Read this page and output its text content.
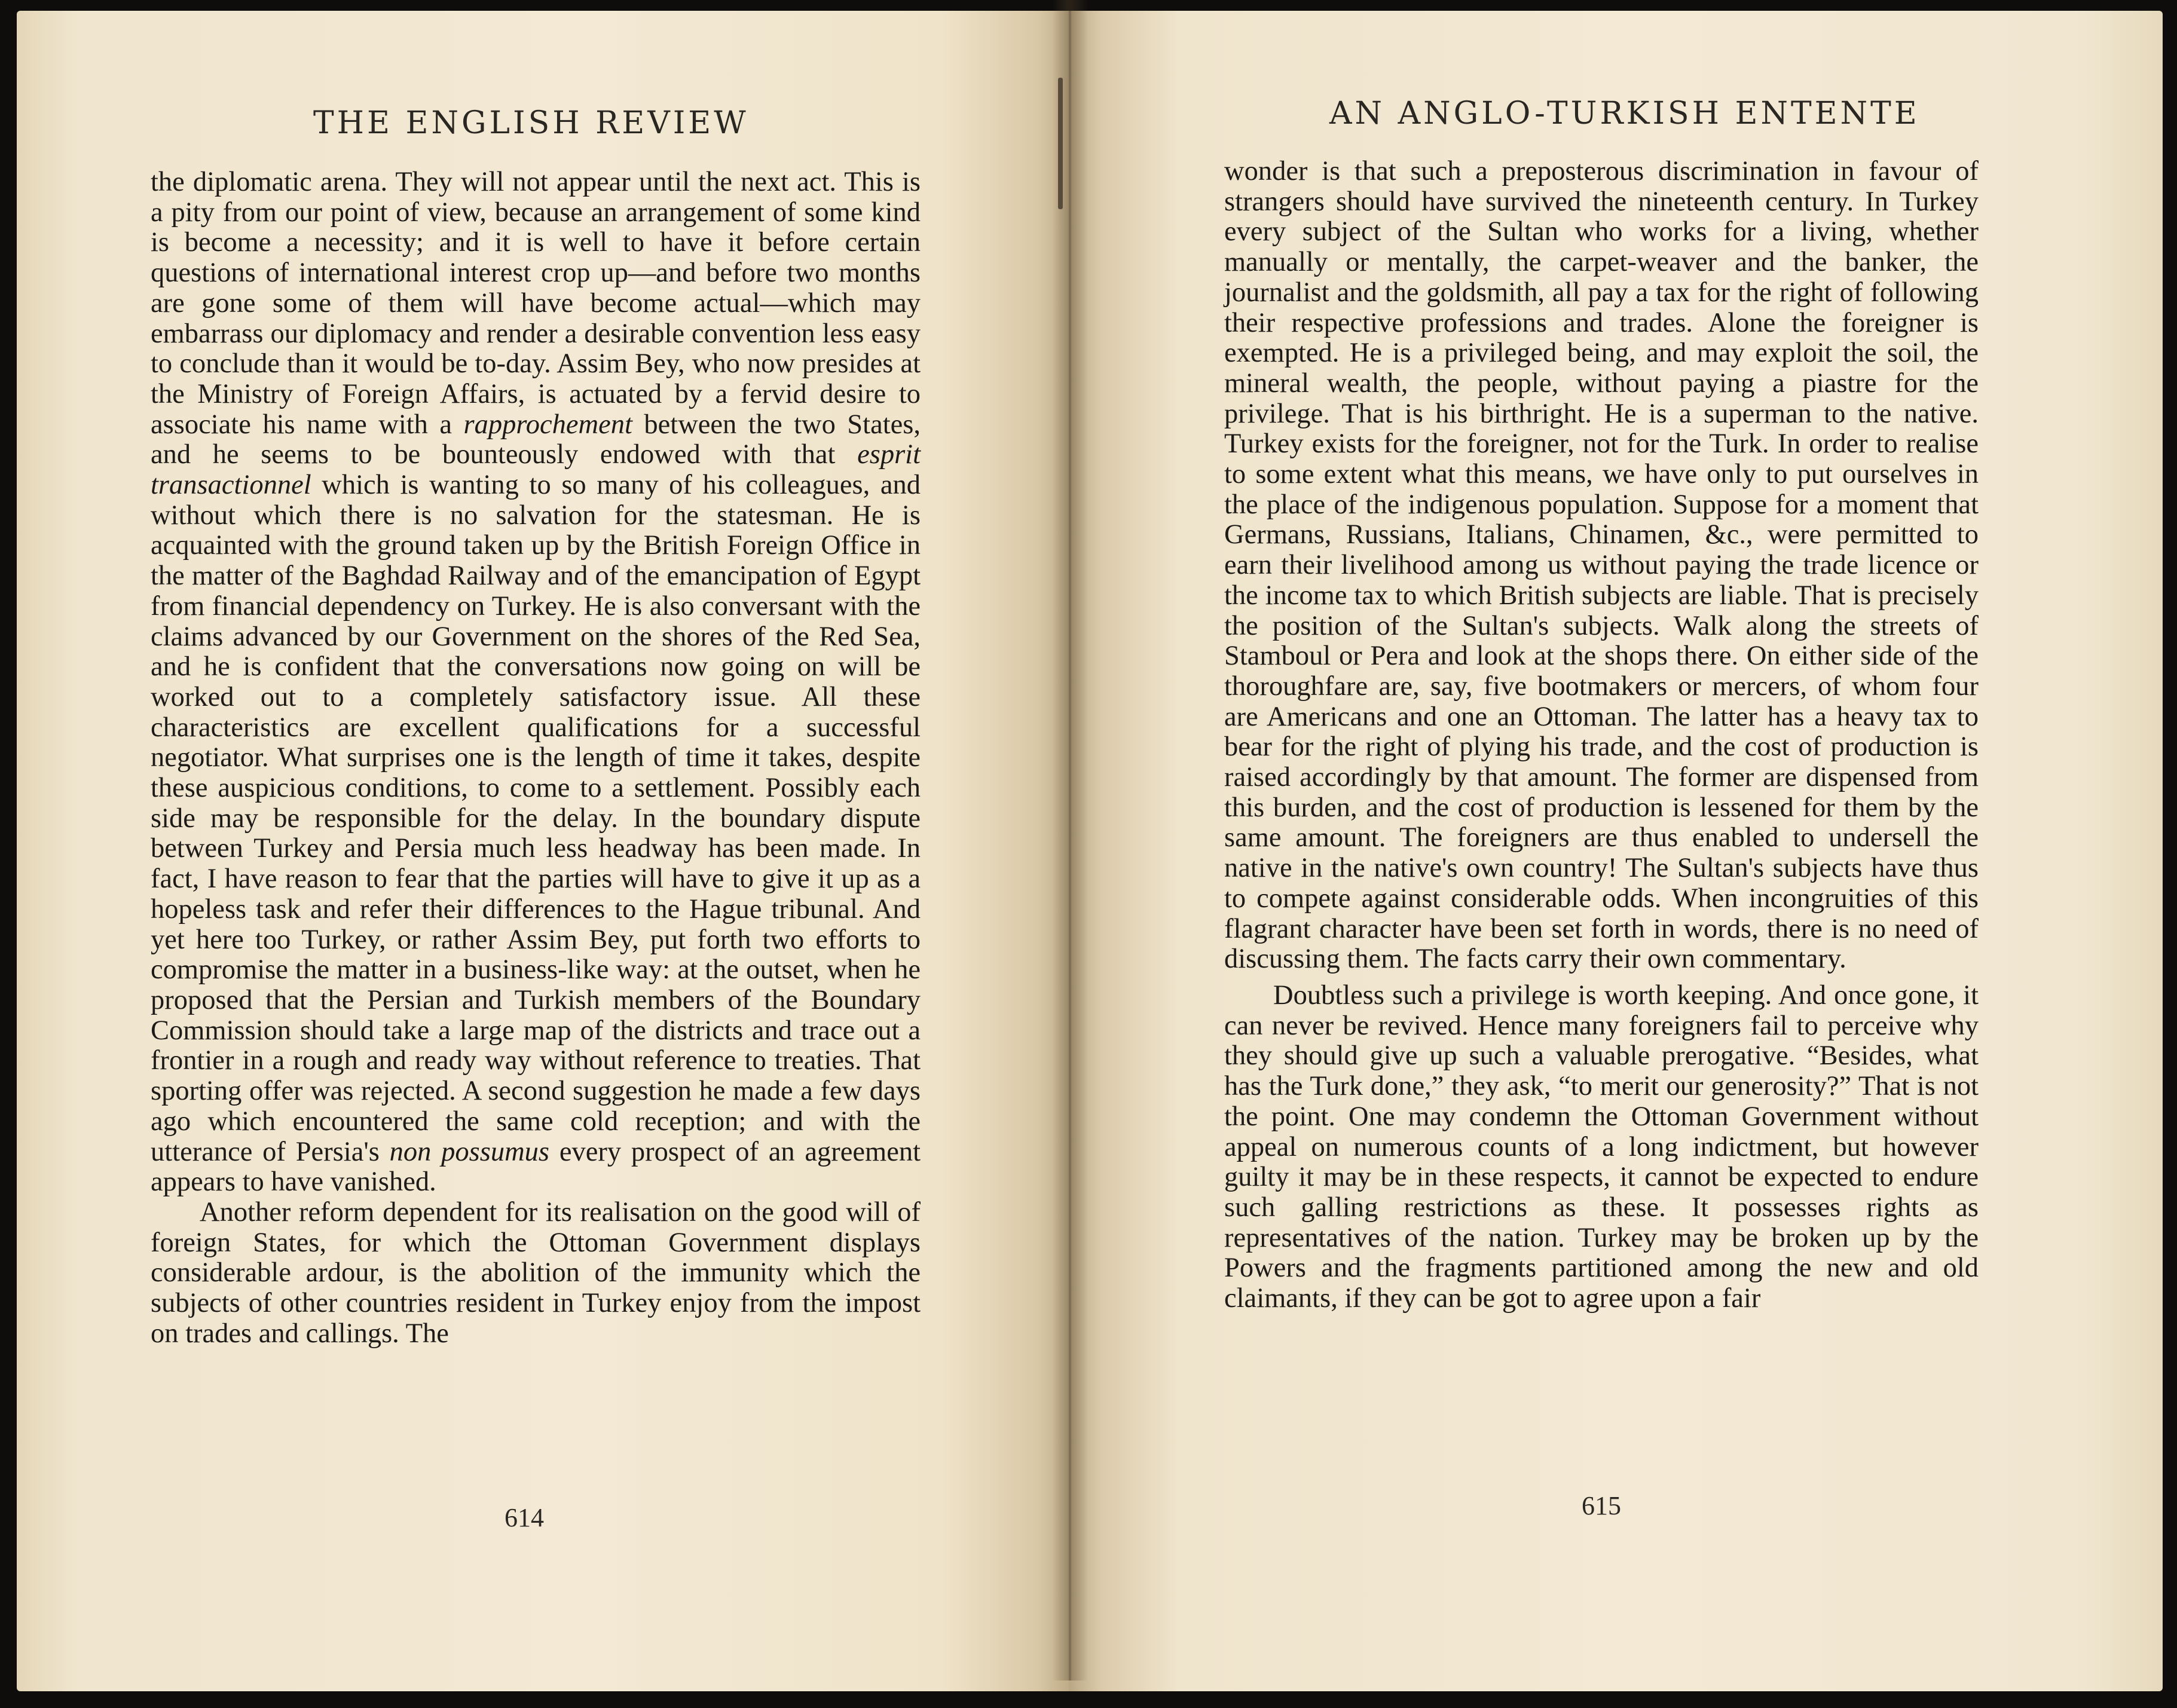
THE ENGLISH REVIEW

the diplomatic arena. They will not appear until the next act. This is a pity from our point of view, because an arrangement of some kind is become a necessity; and it is well to have it before certain questions of international interest crop up—and before two months are gone some of them will have become actual—which may embarrass our diplomacy and render a desirable convention less easy to conclude than it would be to-day. Assim Bey, who now presides at the Ministry of Foreign Affairs, is actuated by a fervid desire to associate his name with a rapprochement between the two States, and he seems to be bounteously endowed with that esprit transactionnel which is wanting to so many of his colleagues, and without which there is no salvation for the statesman. He is acquainted with the ground taken up by the British Foreign Office in the matter of the Baghdad Railway and of the emancipation of Egypt from financial dependency on Turkey. He is also conversant with the claims advanced by our Government on the shores of the Red Sea, and he is confident that the conversations now going on will be worked out to a completely satisfactory issue. All these characteristics are excellent qualifications for a successful negotiator. What surprises one is the length of time it takes, despite these auspicious conditions, to come to a settlement. Possibly each side may be responsible for the delay. In the boundary dispute between Turkey and Persia much less headway has been made. In fact, I have reason to fear that the parties will have to give it up as a hopeless task and refer their differences to the Hague tribunal. And yet here too Turkey, or rather Assim Bey, put forth two efforts to compromise the matter in a business-like way: at the outset, when he proposed that the Persian and Turkish members of the Boundary Commission should take a large map of the districts and trace out a frontier in a rough and ready way without reference to treaties. That sporting offer was rejected. A second suggestion he made a few days ago which encountered the same cold reception; and with the utterance of Persia's non possumus every prospect of an agreement appears to have vanished.

Another reform dependent for its realisation on the good will of foreign States, for which the Ottoman Government displays considerable ardour, is the abolition of the immunity which the subjects of other countries resident in Turkey enjoy from the impost on trades and callings. The

614
AN ANGLO-TURKISH ENTENTE

wonder is that such a preposterous discrimination in favour of strangers should have survived the nineteenth century. In Turkey every subject of the Sultan who works for a living, whether manually or mentally, the carpet-weaver and the banker, the journalist and the goldsmith, all pay a tax for the right of following their respective professions and trades. Alone the foreigner is exempted. He is a privileged being, and may exploit the soil, the mineral wealth, the people, without paying a piastre for the privilege. That is his birthright. He is a superman to the native. Turkey exists for the foreigner, not for the Turk. In order to realise to some extent what this means, we have only to put ourselves in the place of the indigenous population. Suppose for a moment that Germans, Russians, Italians, Chinamen, &c., were permitted to earn their livelihood among us without paying the trade licence or the income tax to which British subjects are liable. That is precisely the position of the Sultan's subjects. Walk along the streets of Stamboul or Pera and look at the shops there. On either side of the thoroughfare are, say, five bootmakers or mercers, of whom four are Americans and one an Ottoman. The latter has a heavy tax to bear for the right of plying his trade, and the cost of production is raised accordingly by that amount. The former are dispensed from this burden, and the cost of production is lessened for them by the same amount. The foreigners are thus enabled to undersell the native in the native's own country! The Sultan's subjects have thus to compete against considerable odds. When incongruities of this flagrant character have been set forth in words, there is no need of discussing them. The facts carry their own commentary.

Doubtless such a privilege is worth keeping. And once gone, it can never be revived. Hence many foreigners fail to perceive why they should give up such a valuable prerogative. “Besides, what has the Turk done,” they ask, “to merit our generosity?” That is not the point. One may condemn the Ottoman Government without appeal on numerous counts of a long indictment, but however guilty it may be in these respects, it cannot be expected to endure such galling restrictions as these. It possesses rights as representatives of the nation. Turkey may be broken up by the Powers and the fragments partitioned among the new and old claimants, if they can be got to agree upon a fair

615
